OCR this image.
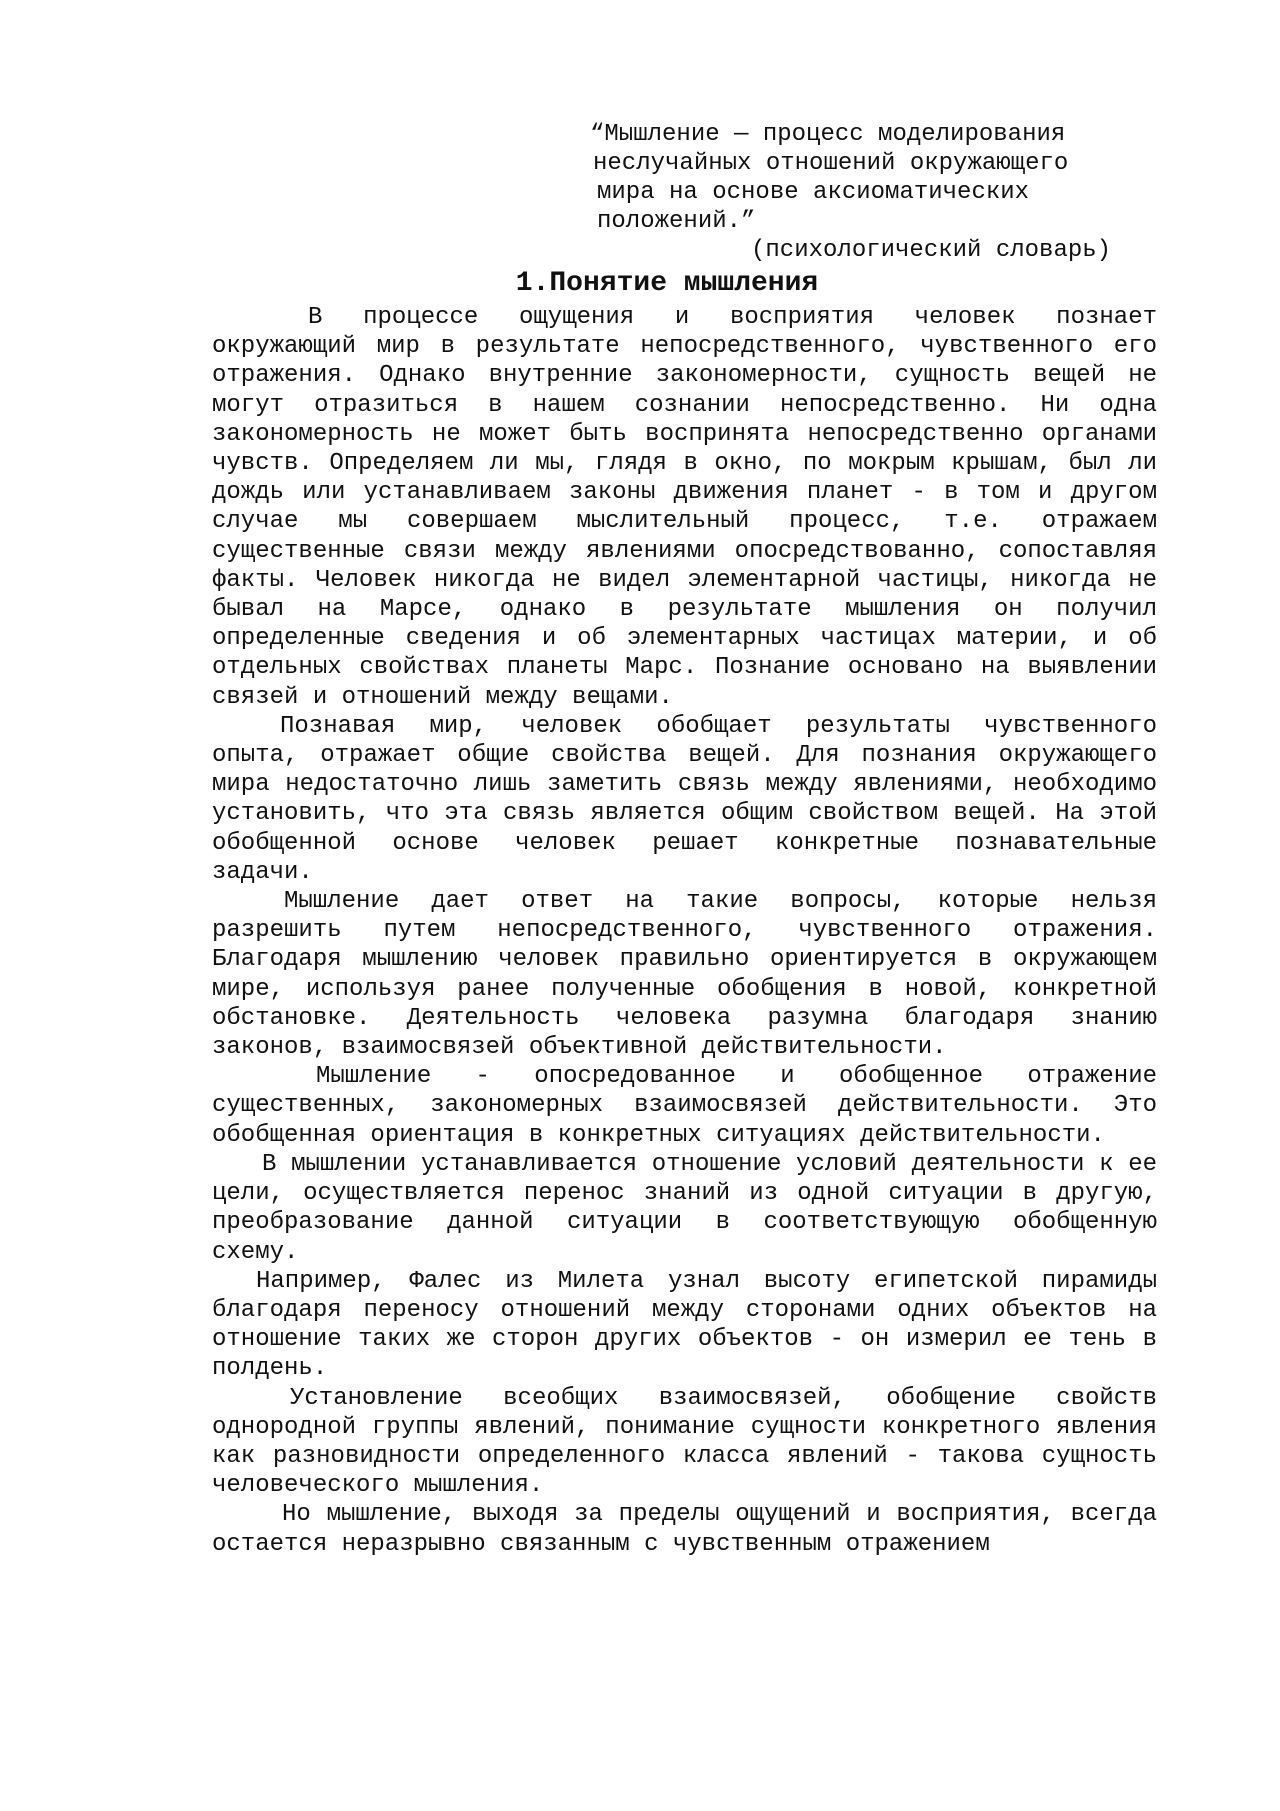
“Мышление — процесс моделирования
неслучайных отношений окружающего
мира на основе аксиоматических
положений.”
(психологический словарь)
1.Понятие мышления

В процессе ощущения и восприятия человек познает окружающий мир в результате непосредственного, чувственного его отражения. Однако внутренние закономерности, сущность вещей не могут отразиться в нашем сознании непосредственно. Ни одна закономерность не может быть воспринята непосредственно органами чувств. Определяем ли мы, глядя в окно, по мокрым крышам, был ли дождь или устанавливаем законы движения планет - в том и другом случае мы совершаем мыслительный процесс, т.е. отражаем существенные связи между явлениями опосредствованно, сопоставляя факты. Человек никогда не видел элементарной частицы, никогда не бывал на Марсе, однако в результате мышления он получил определенные сведения и об элементарных частицах материи, и об отдельных свойствах планеты Марс. Познание основано на выявлении связей и отношений между вещами.

Познавая мир, человек обобщает результаты чувственного опыта, отражает общие свойства вещей. Для познания окружающего мира недостаточно лишь заметить связь между явлениями, необходимо установить, что эта связь является общим свойством вещей. На этой обобщенной основе человек решает конкретные познавательные задачи.

Мышление дает ответ на такие вопросы, которые нельзя разрешить путем непосредственного, чувственного отражения. Благодаря мышлению человек правильно ориентируется в окружающем мире, используя ранее полученные обобщения в новой, конкретной обстановке. Деятельность человека разумна благодаря знанию законов, взаимосвязей объективной действительности.

Мышление - опосредованное и обобщенное отражение существенных, закономерных взаимосвязей действительности. Это обобщенная ориентация в конкретных ситуациях действительности.

В мышлении устанавливается отношение условий деятельности к ее цели, осуществляется перенос знаний из одной ситуации в другую, преобразование данной ситуации в соответствующую обобщенную схему.

Например, Фалес из Милета узнал высоту египетской пирамиды благодаря переносу отношений между сторонами одних объектов на отношение таких же сторон других объектов - он измерил ее тень в полдень.

Установление всеобщих взаимосвязей, обобщение свойств однородной группы явлений, понимание сущности конкретного явления как разновидности определенного класса явлений - такова сущность человеческого мышления.

Но мышление, выходя за пределы ощущений и восприятия, всегда остается неразрывно связанным с чувственным отражением
